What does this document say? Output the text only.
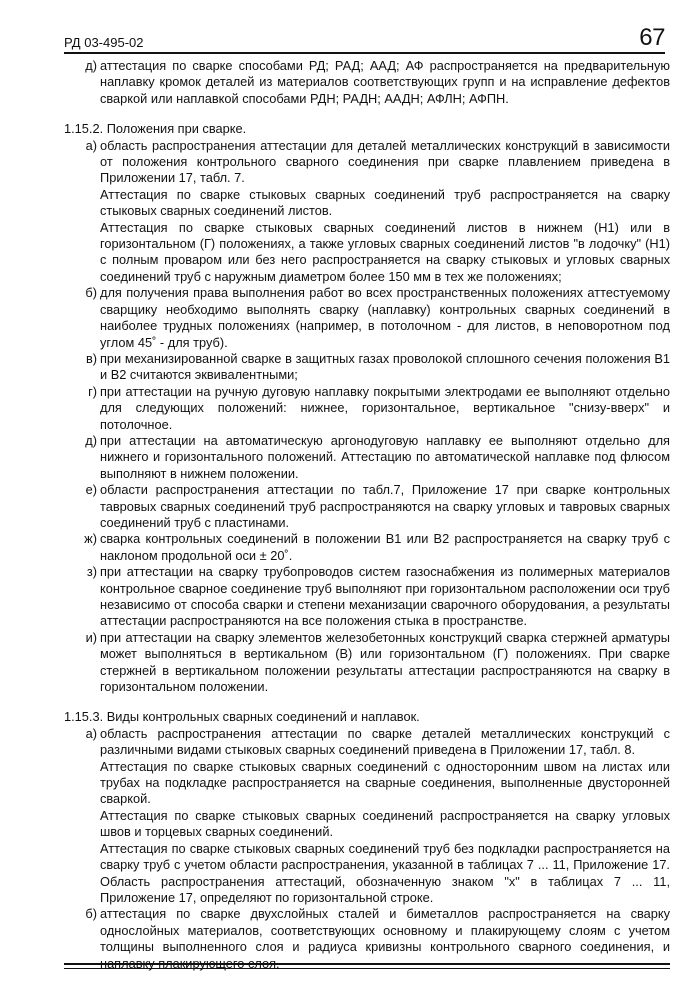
РД 03-495-02	67
д) аттестация по сварке способами РД; РАД; ААД; АФ распространяется на предварительную наплавку кромок деталей из материалов соответствующих групп и на исправление дефектов сваркой или наплавкой способами РДН; РАДН; ААДН; АФЛН; АФПН.

1.15.2. Положения при сварке.

а) область распространения аттестации для деталей металлических конструкций в зависимости от положения контрольного сварного соединения при сварке плавлением приведена в Приложении 17, табл. 7.

Аттестация по сварке стыковых сварных соединений труб распространяется на сварку стыковых сварных соединений листов.

Аттестация по сварке стыковых сварных соединений листов в нижнем (Н1) или в горизонтальном (Г) положениях, а также угловых сварных соединений листов "в лодочку" (Н1) с полным проваром или без него распространяется на сварку стыковых и угловых сварных соединений труб с наружным диаметром более 150 мм в тех же положениях;

б) для получения права выполнения работ во всех пространственных положениях аттестуемому сварщику необходимо выполнять сварку (наплавку) контрольных сварных соединений в наиболее трудных положениях (например, в потолочном - для листов, в неповоротном под углом 45˚ - для труб).

в) при механизированной сварке в защитных газах проволокой сплошного сечения положения В1 и В2 считаются эквивалентными;

г) при аттестации на ручную дуговую наплавку покрытыми электродами ее выполняют отдельно для следующих положений: нижнее, горизонтальное, вертикальное "снизу-вверх" и потолочное.

д) при аттестации на автоматическую аргонодуговую наплавку ее выполняют отдельно для нижнего и горизонтального положений. Аттестацию по автоматической наплавке под флюсом выполняют в нижнем положении.

е) области распространения аттестации по табл.7, Приложение 17 при сварке контрольных тавровых сварных соединений труб распространяются на сварку угловых и тавровых сварных соединений труб с пластинами.

ж) сварка контрольных соединений в положении В1 или В2 распространяется на сварку труб с наклоном продольной оси ± 20˚.

з) при аттестации на сварку трубопроводов систем газоснабжения из полимерных материалов контрольное сварное соединение труб выполняют при горизонтальном расположении оси труб независимо от способа сварки и степени механизации сварочного оборудования, а результаты аттестации распространяются на все положения стыка в пространстве.

и) при аттестации на сварку элементов железобетонных конструкций сварка стержней арматуры может выполняться в вертикальном (В) или горизонтальном (Г) положениях. При сварке стержней в вертикальном положении результаты аттестации распространяются на сварку в горизонтальном положении.

1.15.3. Виды контрольных сварных соединений и наплавок.

а) область распространения аттестации по сварке деталей металлических конструкций с различными видами стыковых сварных соединений приведена в Приложении 17, табл. 8.

Аттестация по сварке стыковых сварных соединений с односторонним швом на листах или трубах на подкладке распространяется на сварные соединения, выполненные двусторонней сваркой.

Аттестация по сварке стыковых сварных соединений распространяется на сварку угловых швов и торцевых сварных соединений.

Аттестация по сварке стыковых сварных соединений труб без подкладки распространяется на сварку труб с учетом области распространения, указанной в таблицах 7 ... 11, Приложение 17. Область распространения аттестаций, обозначенную знаком "х" в таблицах 7 ... 11, Приложение 17, определяют по горизонтальной строке.

б) аттестация по сварке двухслойных сталей и биметаллов распространяется на сварку однослойных материалов, соответствующих основному и плакирующему слоям с учетом толщины выполненного слоя и радиуса кривизны контрольного сварного соединения, и наплавку плакирующего слоя.
